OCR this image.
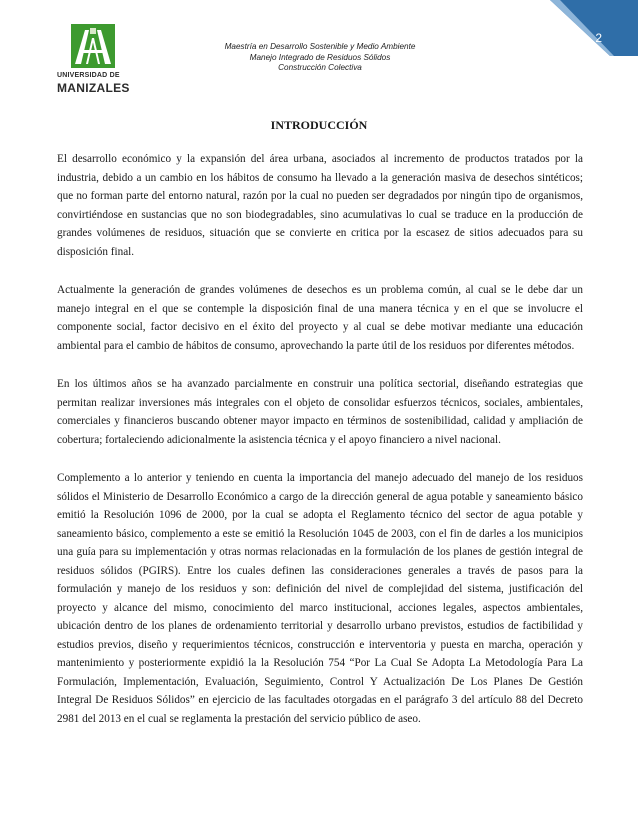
2
UNIVERSIDAD DE
MANIZALES
Maestría en Desarrollo Sostenible y Medio Ambiente
Manejo Integrado de Residuos Sólidos
Construcción Colectiva
INTRODUCCIÓN

El desarrollo económico y la expansión del área urbana, asociados al incremento de productos tratados por la industria, debido a un cambio en los hábitos de consumo ha llevado a la generación masiva de desechos sintéticos; que no forman parte del entorno natural, razón por la cual no pueden ser degradados por ningún tipo de organismos, convirtiéndose en sustancias que no son biodegradables, sino acumulativas lo cual se traduce en la producción de grandes volúmenes de residuos, situación que se convierte en critica por la escasez de sitios adecuados para su disposición final.

Actualmente la generación de grandes volúmenes de desechos es un problema común, al cual se le debe dar un manejo integral en el que se contemple la disposición final de una manera técnica y en el que se involucre el componente social, factor decisivo en el éxito del proyecto y al cual se debe motivar mediante una educación ambiental para el cambio de hábitos de consumo, aprovechando la parte útil de los residuos por diferentes métodos.

En los últimos años se ha avanzado parcialmente en construir una política sectorial, diseñando estrategias que permitan realizar inversiones más integrales con el objeto de consolidar esfuerzos técnicos, sociales, ambientales, comerciales y financieros buscando obtener mayor impacto en términos de sostenibilidad, calidad y ampliación de cobertura; fortaleciendo adicionalmente la asistencia técnica y el apoyo financiero a nivel nacional.

Complemento a lo anterior y teniendo en cuenta la importancia del manejo adecuado del manejo de los residuos sólidos el Ministerio de Desarrollo Económico a cargo de la dirección general de agua potable y saneamiento básico emitió la Resolución 1096 de 2000, por la cual se adopta el Reglamento técnico del sector de agua potable y saneamiento básico, complemento a este se emitió la Resolución 1045 de 2003, con el fin de darles a los municipios una guía para su implementación y otras normas relacionadas en la formulación de los planes de gestión integral de residuos sólidos (PGIRS). Entre los cuales definen las consideraciones generales a través de pasos para la formulación y manejo de los residuos y son: definición del nivel de complejidad del sistema, justificación del proyecto y alcance del mismo, conocimiento del marco institucional, acciones legales, aspectos ambientales, ubicación dentro de los planes de ordenamiento territorial y desarrollo urbano previstos, estudios de factibilidad y estudios previos, diseño y requerimientos técnicos, construcción e interventoria y puesta en marcha, operación y mantenimiento y posteriormente expidió la la Resolución 754 “Por La Cual Se Adopta La Metodología Para La Formulación, Implementación, Evaluación, Seguimiento, Control Y Actualización De Los Planes De Gestión Integral De Residuos Sólidos” en ejercicio de las facultades otorgadas en el parágrafo 3 del artículo 88 del Decreto 2981 del 2013 en el cual se reglamenta la prestación del servicio público de aseo.
